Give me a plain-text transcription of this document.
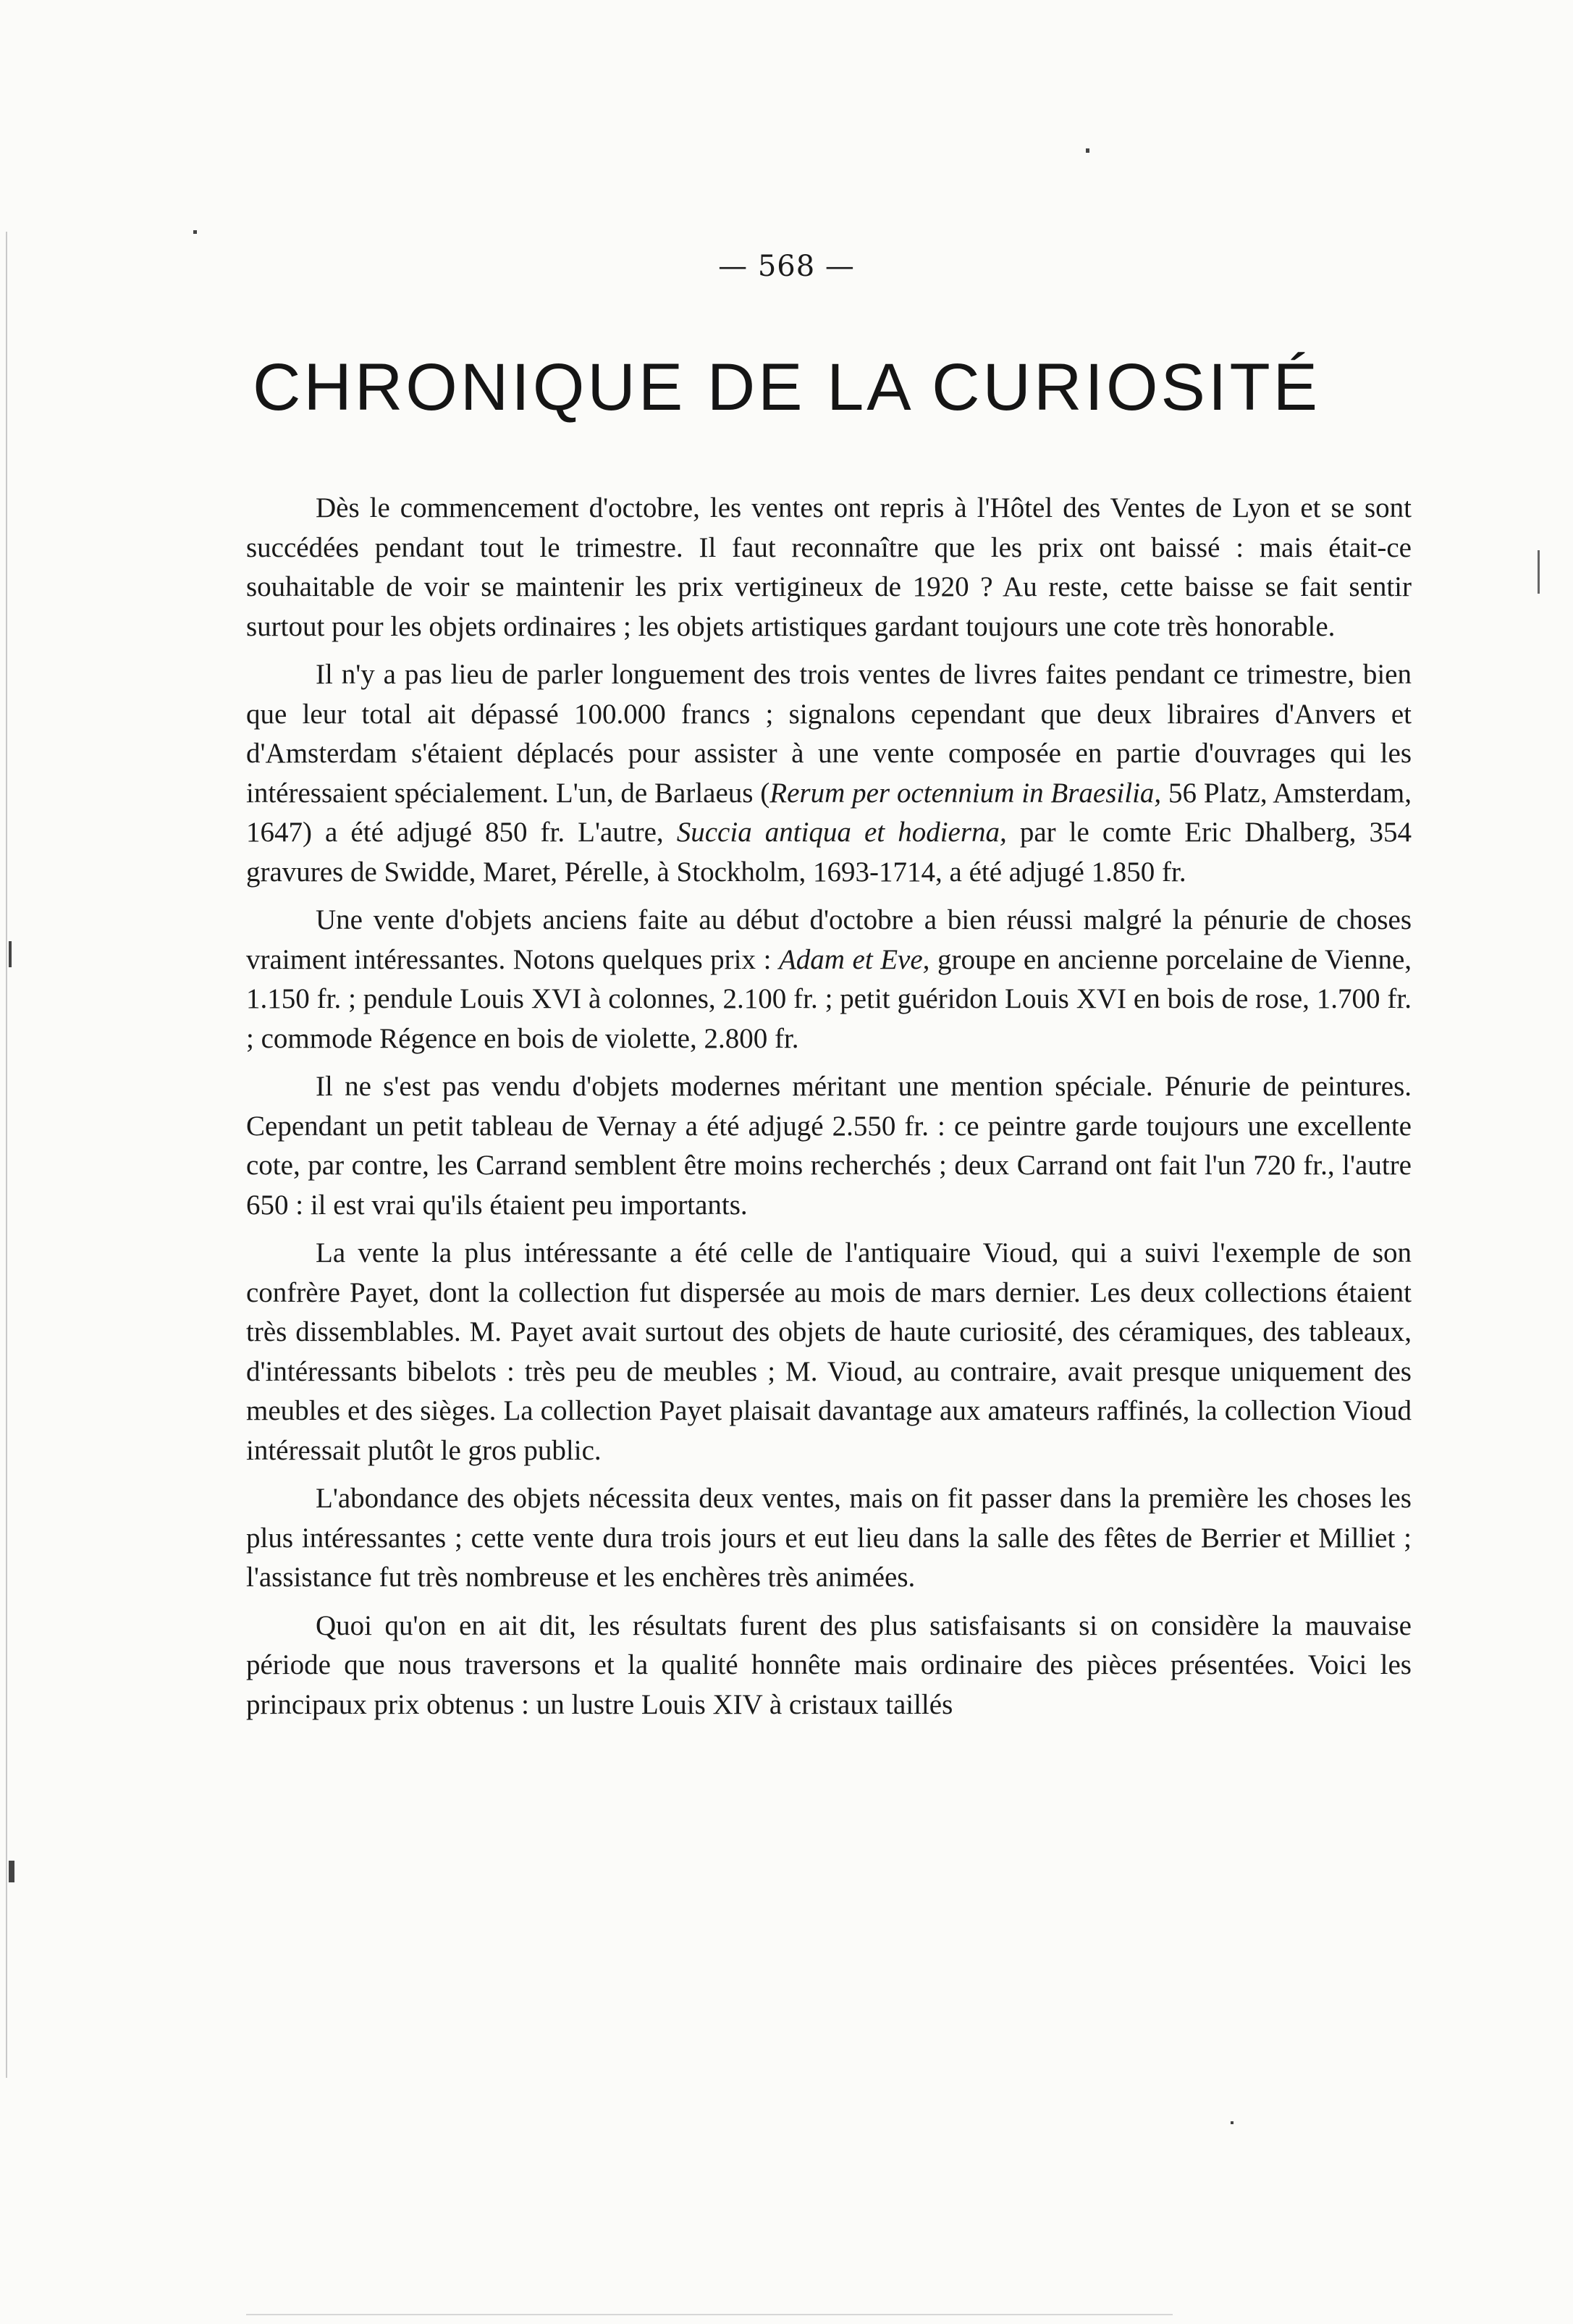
— 568 —
CHRONIQUE DE LA CURIOSITÉ

Dès le commencement d'octobre, les ventes ont repris à l'Hôtel des Ventes de Lyon et se sont succédées pendant tout le trimestre. Il faut reconnaître que les prix ont baissé : mais était-ce souhaitable de voir se maintenir les prix vertigineux de 1920 ? Au reste, cette baisse se fait sentir surtout pour les objets ordinaires ; les objets artistiques gardant toujours une cote très honorable.

Il n'y a pas lieu de parler longuement des trois ventes de livres faites pendant ce trimestre, bien que leur total ait dépassé 100.000 francs ; signalons cependant que deux libraires d'Anvers et d'Amsterdam s'étaient déplacés pour assister à une vente composée en partie d'ouvrages qui les intéressaient spécialement. L'un, de Barlaeus (Rerum per octennium in Braesilia, 56 Platz, Amsterdam, 1647) a été adjugé 850 fr. L'autre, Succia antiqua et hodierna, par le comte Eric Dhalberg, 354 gravures de Swidde, Maret, Pérelle, à Stockholm, 1693-1714, a été adjugé 1.850 fr.

Une vente d'objets anciens faite au début d'octobre a bien réussi malgré la pénurie de choses vraiment intéressantes. Notons quelques prix : Adam et Eve, groupe en ancienne porcelaine de Vienne, 1.150 fr. ; pendule Louis XVI à colonnes, 2.100 fr. ; petit guéridon Louis XVI en bois de rose, 1.700 fr. ; commode Régence en bois de violette, 2.800 fr.

Il ne s'est pas vendu d'objets modernes méritant une mention spéciale. Pénurie de peintures. Cependant un petit tableau de Vernay a été adjugé 2.550 fr. : ce peintre garde toujours une excellente cote, par contre, les Carrand semblent être moins recherchés ; deux Carrand ont fait l'un 720 fr., l'autre 650 : il est vrai qu'ils étaient peu importants.

La vente la plus intéressante a été celle de l'antiquaire Vioud, qui a suivi l'exemple de son confrère Payet, dont la collection fut dispersée au mois de mars dernier. Les deux collections étaient très dissemblables. M. Payet avait surtout des objets de haute curiosité, des céramiques, des tableaux, d'intéressants bibelots : très peu de meubles ; M. Vioud, au contraire, avait presque uniquement des meubles et des sièges. La collection Payet plaisait davantage aux amateurs raffinés, la collection Vioud intéressait plutôt le gros public.

L'abondance des objets nécessita deux ventes, mais on fit passer dans la première les choses les plus intéressantes ; cette vente dura trois jours et eut lieu dans la salle des fêtes de Berrier et Milliet ; l'assistance fut très nombreuse et les enchères très animées.

Quoi qu'on en ait dit, les résultats furent des plus satisfaisants si on considère la mauvaise période que nous traversons et la qualité honnête mais ordinaire des pièces présentées. Voici les principaux prix obtenus : un lustre Louis XIV à cristaux taillés
